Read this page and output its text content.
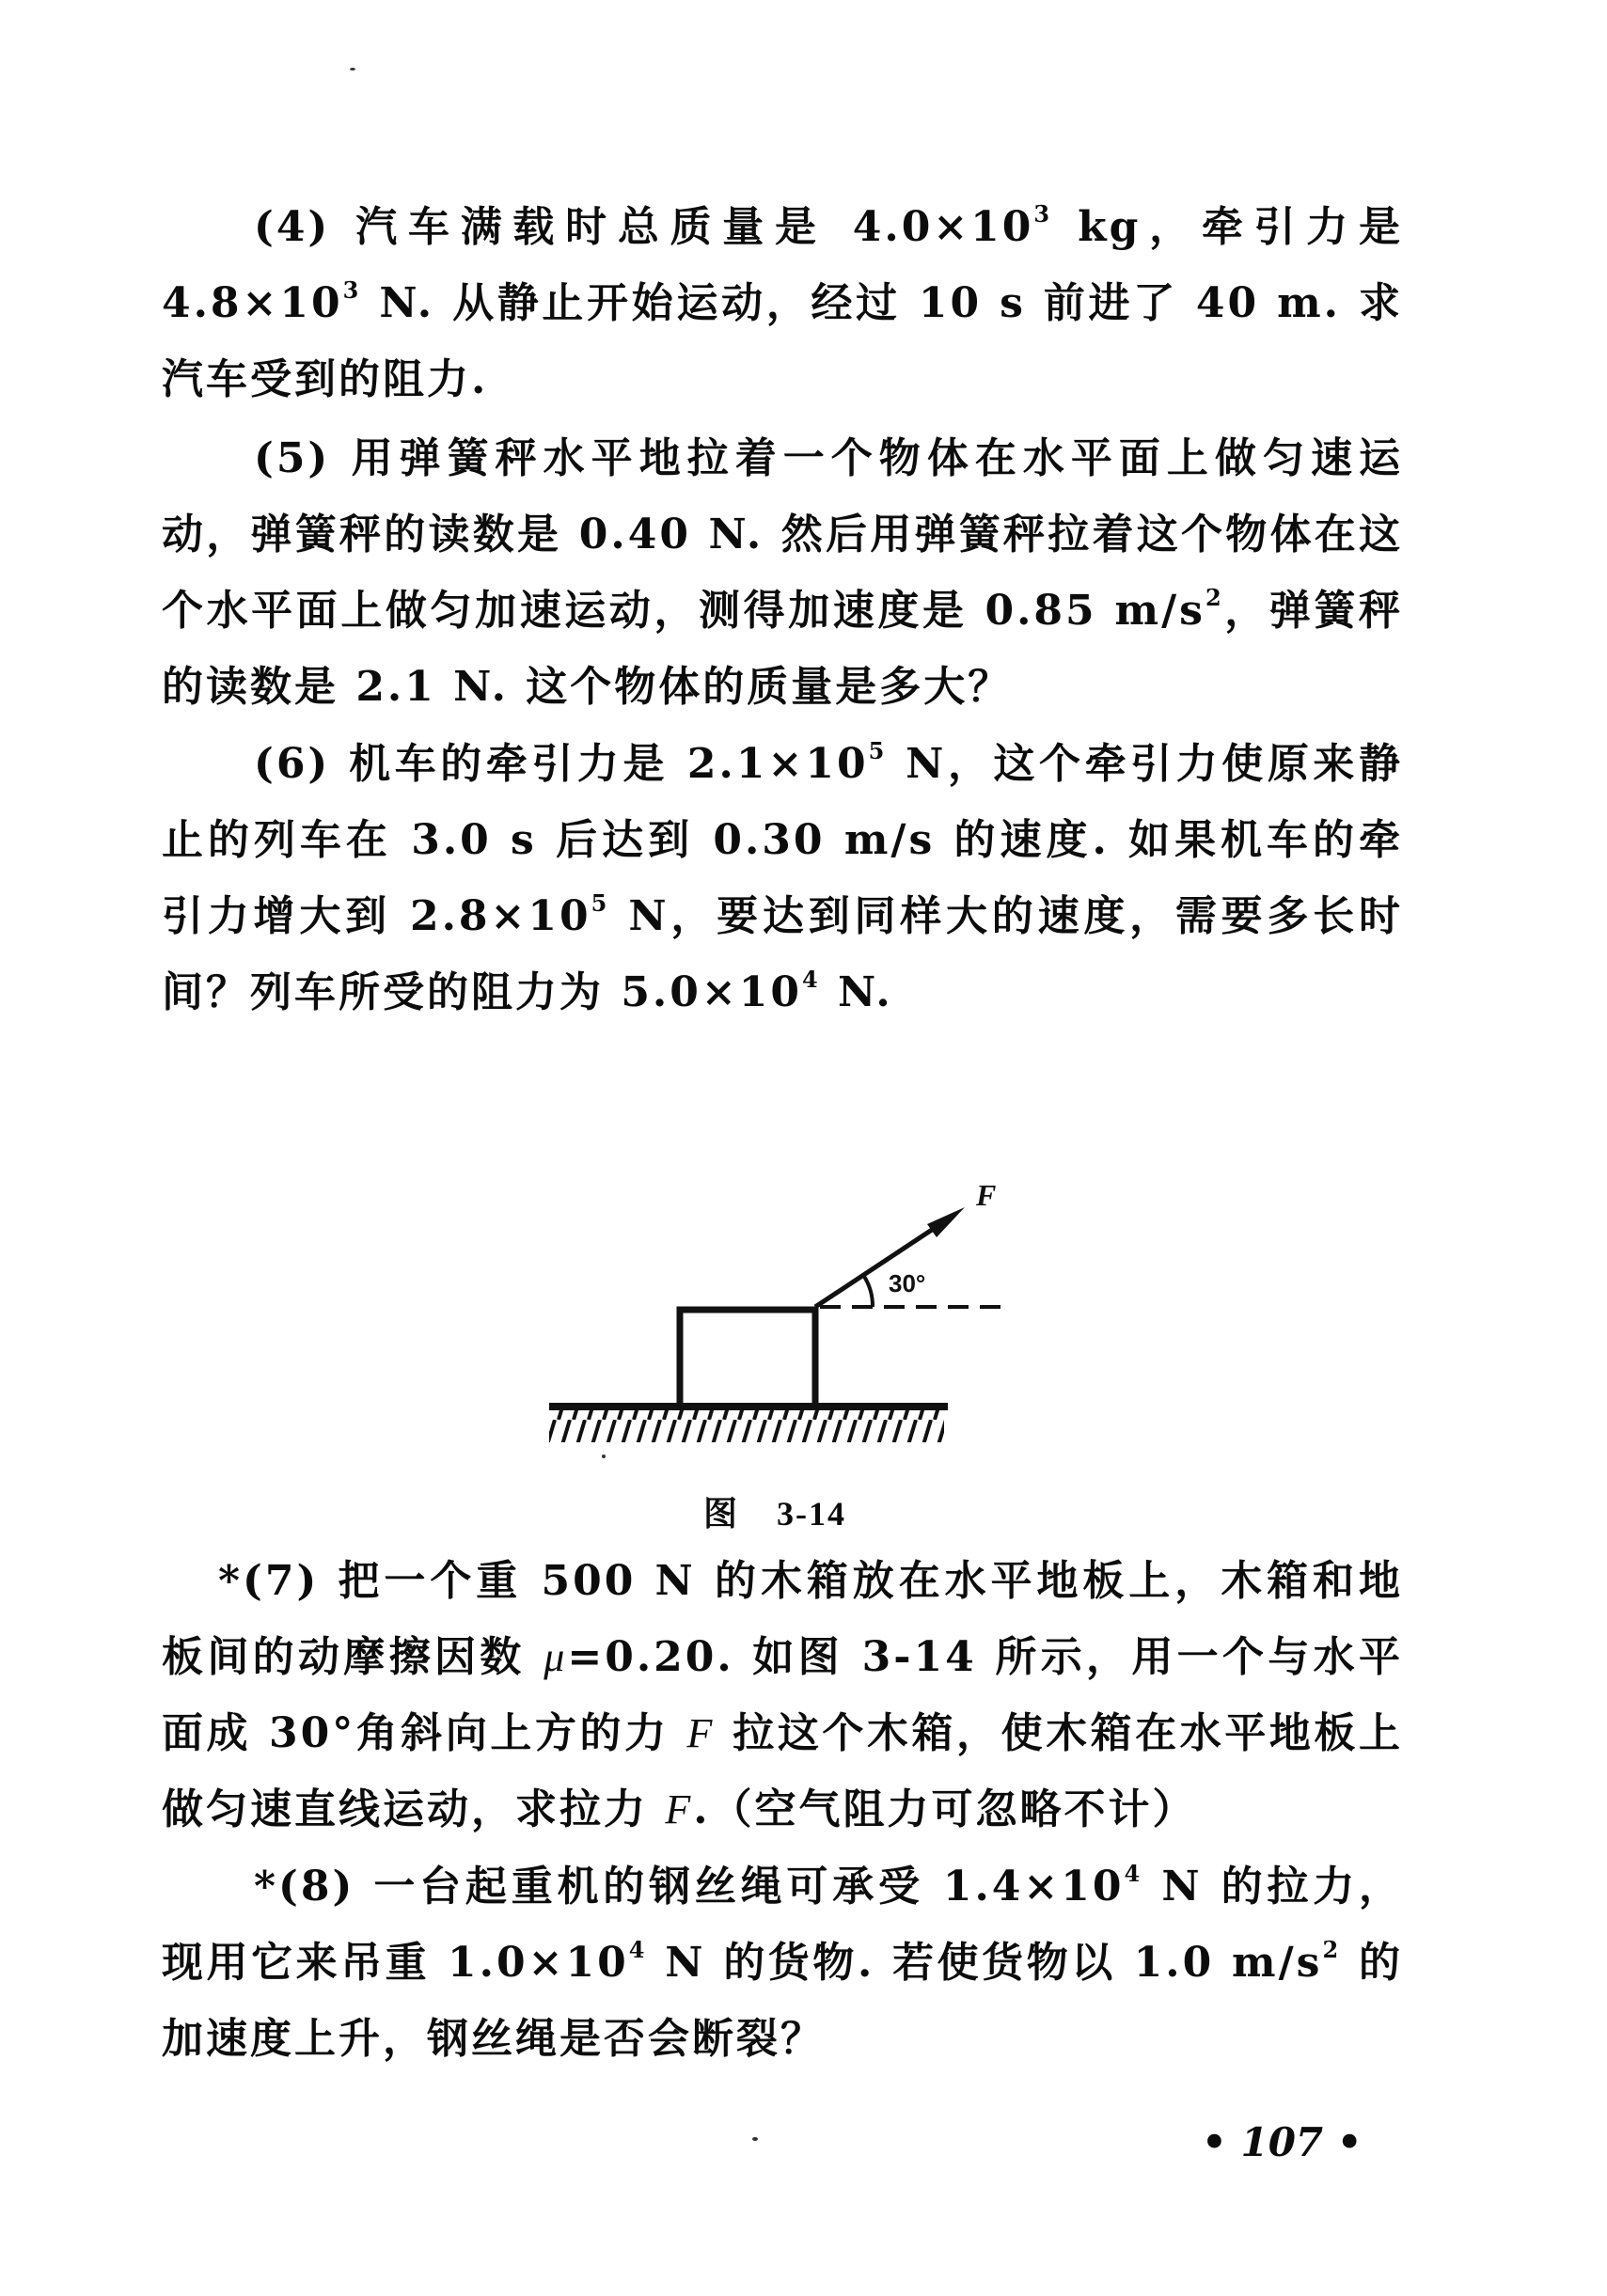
(4) 汽车满载时总质量是 $4.0\times 10^3$ kg，牵引力是 $4.8\times 10^3$ N. 从静止开始运动，经过 10 s 前进了 40 m. 求汽车受到的阻力.
(5) 用弹簧秤水平地拉着一个物体在水平面上做匀速运动，弹簧秤的读数是 0.40 N. 然后用弹簧秤拉着这个物体在这个水平面上做匀加速运动，测得加速度是 0.85 $m/s^2$，弹簧秤的读数是 2.1 N. 这个物体的质量是多大？
(6) 机车的牵引力是 $2.1\times 10^5$ N，这个牵引力使原来静止的列车在 3.0 s 后达到 0.30 m/s 的速度. 如果机车的牵引力增大到 $2.8\times 10^5$ N，要达到同样大的速度，需要多长时间？列车所受的阻力为 $5.0\times 10^4$ N.
F
30°
图 3-14
*(7) 把一个重 500 N 的木箱放在水平地板上，木箱和地板间的动摩擦因数 μ=0.20. 如图 3-14 所示，用一个与水平面成 30°角斜向上方的力 F 拉这个木箱，使木箱在水平地板上做匀速直线运动，求拉力 F.（空气阻力可忽略不计）
*(8) 一台起重机的钢丝绳可承受 $1.4\times 10^4$ N 的拉力，现用它来吊重 $1.0\times 10^4$ N 的货物. 若使货物以 1.0 $m/s^2$ 的加速度上升，钢丝绳是否会断裂？
• 107 •
